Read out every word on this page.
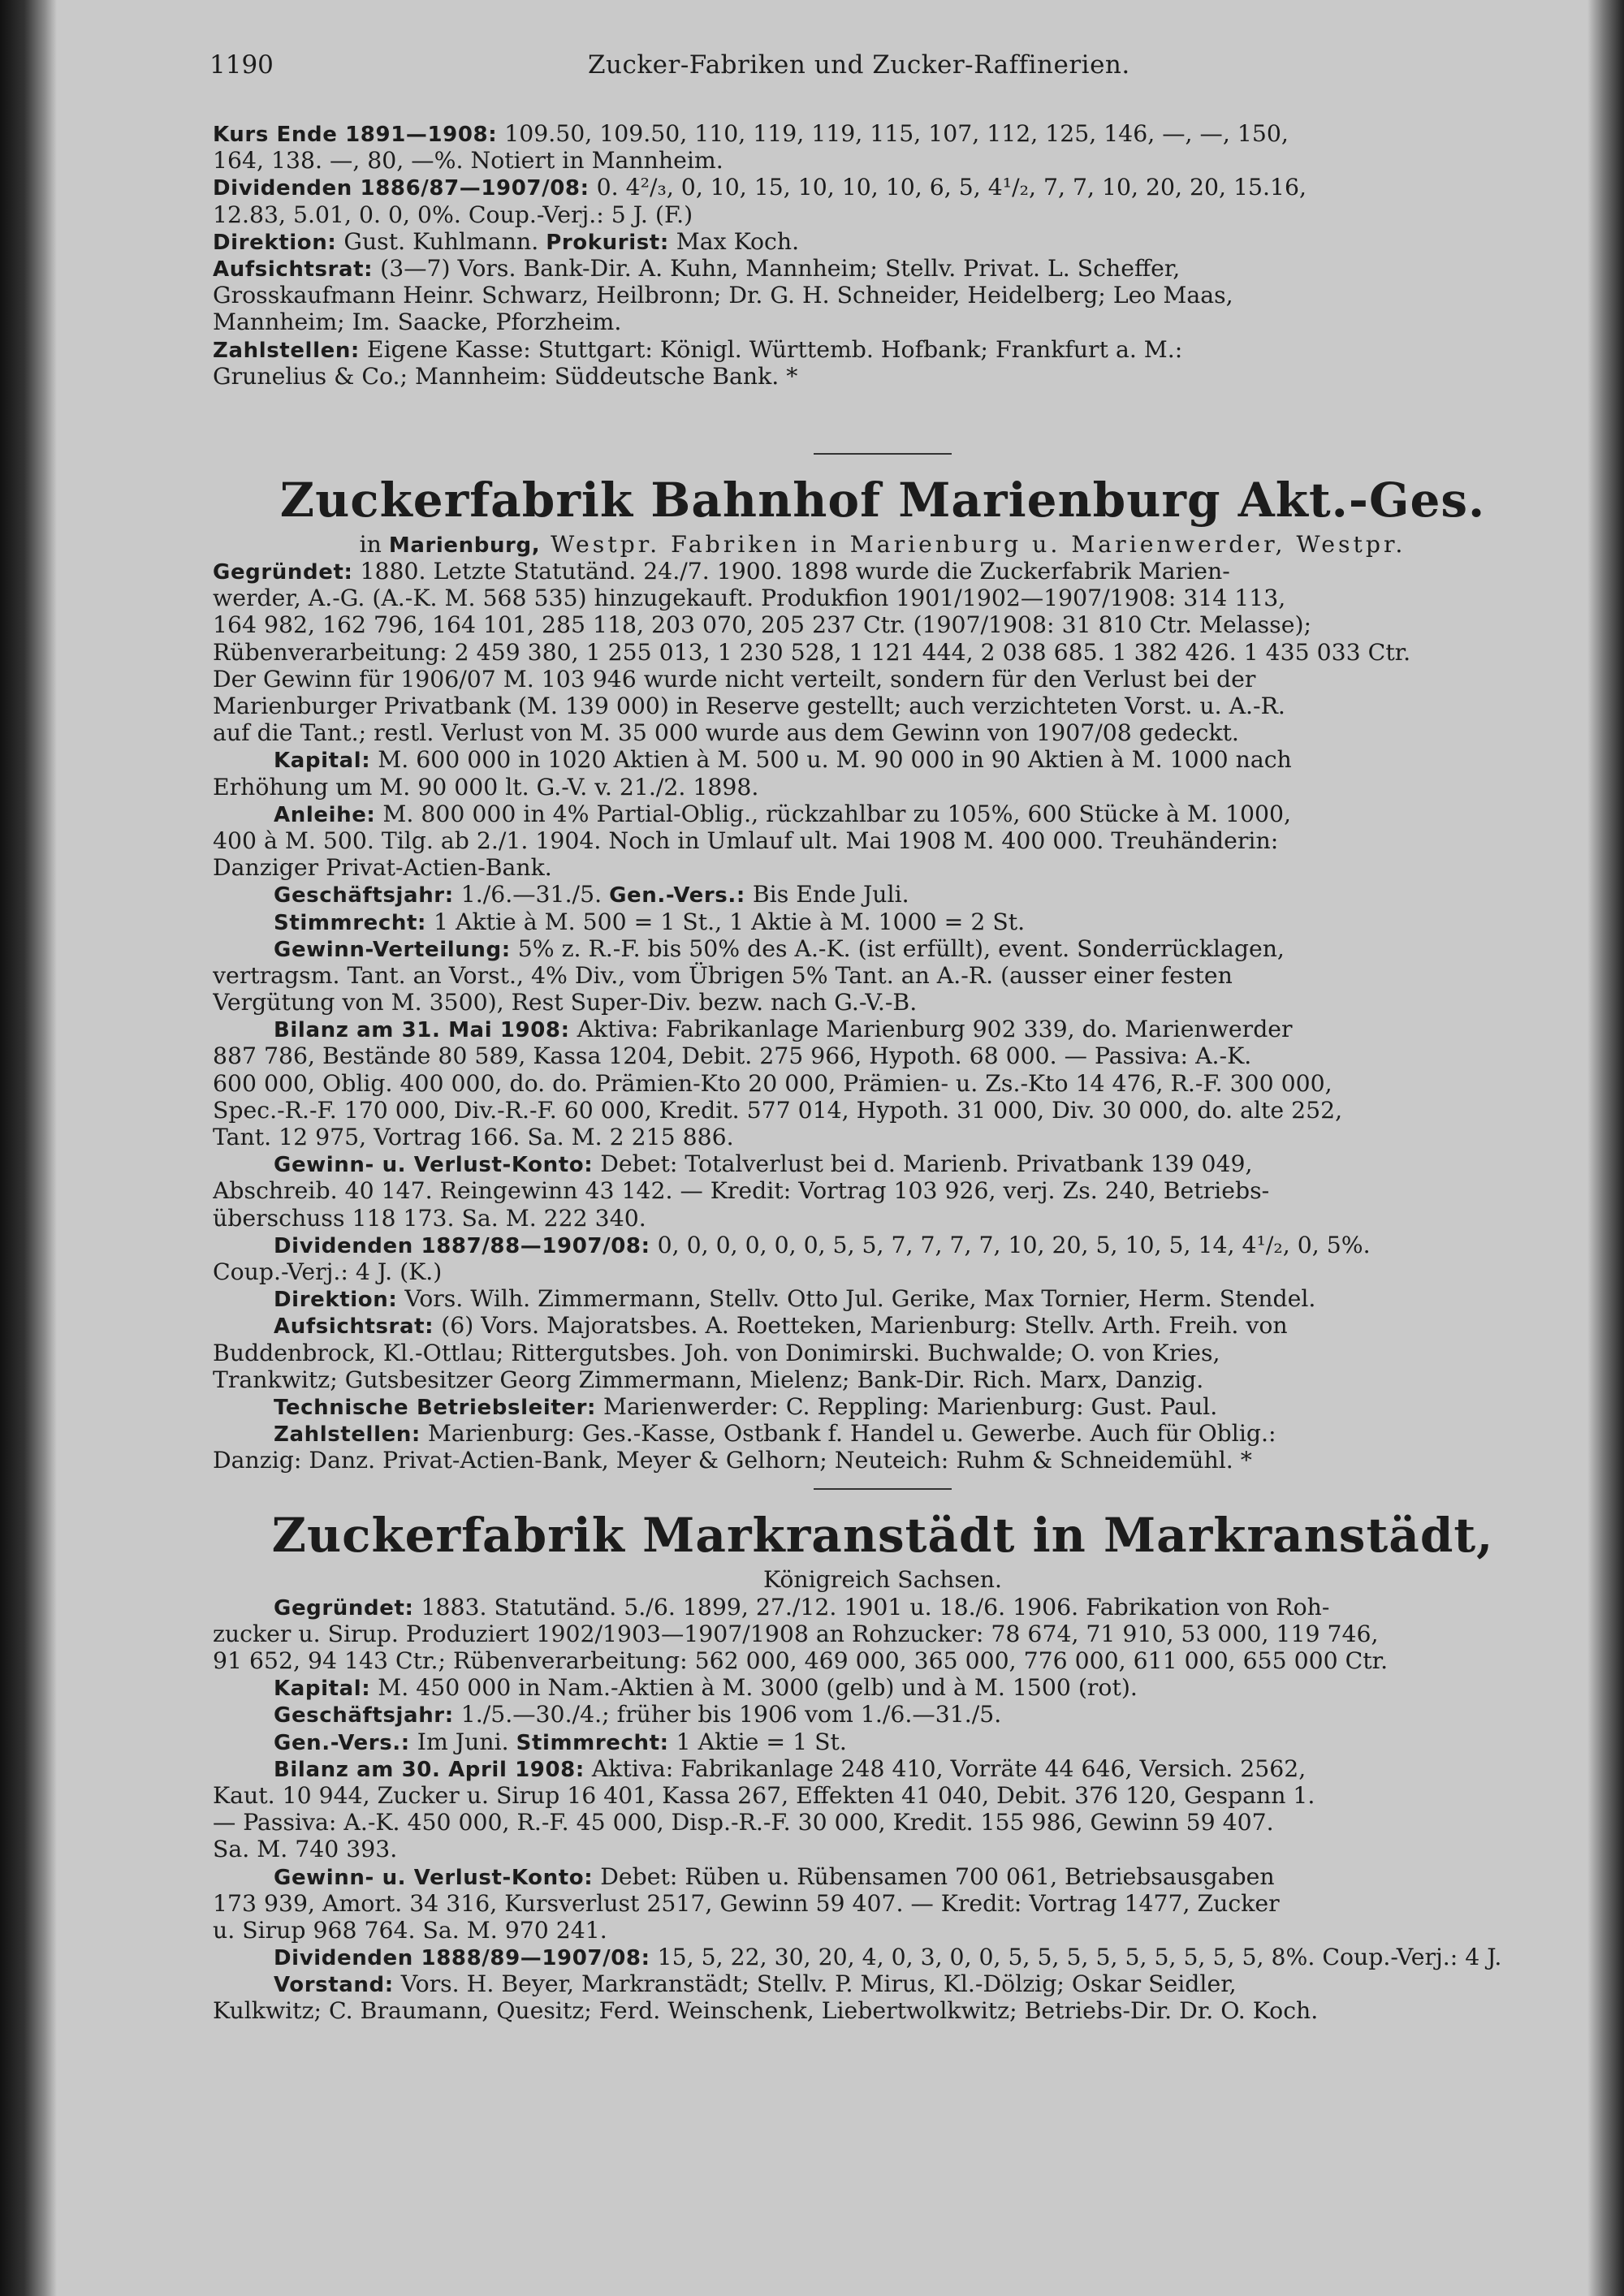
1190	Zucker-Fabriken und Zucker-Raffinerien.
Kurs Ende 1891—1908: 109.50, 109.50, 110, 119, 119, 115, 107, 112, 125, 146, —, —, 150,
164, 138. —, 80, —%. Notiert in Mannheim.
Dividenden 1886/87—1907/08: 0. 4²/₃, 0, 10, 15, 10, 10, 10, 6, 5, 4¹/₂, 7, 7, 10, 20, 20, 15.16,
12.83, 5.01, 0. 0, 0%. Coup.-Verj.: 5 J. (F.)
Direktion: Gust. Kuhlmann. Prokurist: Max Koch.
Aufsichtsrat: (3—7) Vors. Bank-Dir. A. Kuhn, Mannheim; Stellv. Privat. L. Scheffer,
Grosskaufmann Heinr. Schwarz, Heilbronn; Dr. G. H. Schneider, Heidelberg; Leo Maas,
Mannheim; Im. Saacke, Pforzheim.
Zahlstellen: Eigene Kasse: Stuttgart: Königl. Württemb. Hofbank; Frankfurt a. M.:
Grunelius & Co.; Mannheim: Süddeutsche Bank. *
Zuckerfabrik Bahnhof Marienburg Akt.-Ges.
in Marienburg, Westpr. Fabriken in Marienburg u. Marienwerder, Westpr.
Gegründet: 1880. Letzte Statutänd. 24./7. 1900. 1898 wurde die Zuckerfabrik Marien-
werder, A.-G. (A.-K. M. 568 535) hinzugekauft. Produkfion 1901/1902—1907/1908: 314 113,
164 982, 162 796, 164 101, 285 118, 203 070, 205 237 Ctr. (1907/1908: 31 810 Ctr. Melasse);
Rübenverarbeitung: 2 459 380, 1 255 013, 1 230 528, 1 121 444, 2 038 685. 1 382 426. 1 435 033 Ctr.
Der Gewinn für 1906/07 M. 103 946 wurde nicht verteilt, sondern für den Verlust bei der
Marienburger Privatbank (M. 139 000) in Reserve gestellt; auch verzichteten Vorst. u. A.-R.
auf die Tant.; restl. Verlust von M. 35 000 wurde aus dem Gewinn von 1907/08 gedeckt.
Kapital: M. 600 000 in 1020 Aktien à M. 500 u. M. 90 000 in 90 Aktien à M. 1000 nach
Erhöhung um M. 90 000 lt. G.-V. v. 21./2. 1898.
Anleihe: M. 800 000 in 4% Partial-Oblig., rückzahlbar zu 105%, 600 Stücke à M. 1000,
400 à M. 500. Tilg. ab 2./1. 1904. Noch in Umlauf ult. Mai 1908 M. 400 000. Treuhänderin:
Danziger Privat-Actien-Bank.
Geschäftsjahr: 1./6.—31./5. Gen.-Vers.: Bis Ende Juli.
Stimmrecht: 1 Aktie à M. 500 = 1 St., 1 Aktie à M. 1000 = 2 St.
Gewinn-Verteilung: 5% z. R.-F. bis 50% des A.-K. (ist erfüllt), event. Sonderrücklagen,
vertragsm. Tant. an Vorst., 4% Div., vom Übrigen 5% Tant. an A.-R. (ausser einer festen
Vergütung von M. 3500), Rest Super-Div. bezw. nach G.-V.-B.
Bilanz am 31. Mai 1908: Aktiva: Fabrikanlage Marienburg 902 339, do. Marienwerder
887 786, Bestände 80 589, Kassa 1204, Debit. 275 966, Hypoth. 68 000. — Passiva: A.-K.
600 000, Oblig. 400 000, do. do. Prämien-Kto 20 000, Prämien- u. Zs.-Kto 14 476, R.-F. 300 000,
Spec.-R.-F. 170 000, Div.-R.-F. 60 000, Kredit. 577 014, Hypoth. 31 000, Div. 30 000, do. alte 252,
Tant. 12 975, Vortrag 166. Sa. M. 2 215 886.
Gewinn- u. Verlust-Konto: Debet: Totalverlust bei d. Marienb. Privatbank 139 049,
Abschreib. 40 147. Reingewinn 43 142. — Kredit: Vortrag 103 926, verj. Zs. 240, Betriebs-
überschuss 118 173. Sa. M. 222 340.
Dividenden 1887/88—1907/08: 0, 0, 0, 0, 0, 0, 5, 5, 7, 7, 7, 7, 10, 20, 5, 10, 5, 14, 4¹/₂, 0, 5%.
Coup.-Verj.: 4 J. (K.)
Direktion: Vors. Wilh. Zimmermann, Stellv. Otto Jul. Gerike, Max Tornier, Herm. Stendel.
Aufsichtsrat: (6) Vors. Majoratsbes. A. Roetteken, Marienburg: Stellv. Arth. Freih. von
Buddenbrock, Kl.-Ottlau; Rittergutsbes. Joh. von Donimirski. Buchwalde; O. von Kries,
Trankwitz; Gutsbesitzer Georg Zimmermann, Mielenz; Bank-Dir. Rich. Marx, Danzig.
Technische Betriebsleiter: Marienwerder: C. Reppling: Marienburg: Gust. Paul.
Zahlstellen: Marienburg: Ges.-Kasse, Ostbank f. Handel u. Gewerbe. Auch für Oblig.:
Danzig: Danz. Privat-Actien-Bank, Meyer & Gelhorn; Neuteich: Ruhm & Schneidemühl. *
Zuckerfabrik Markranstädt in Markranstädt,
Königreich Sachsen.
Gegründet: 1883. Statutänd. 5./6. 1899, 27./12. 1901 u. 18./6. 1906. Fabrikation von Roh-
zucker u. Sirup. Produziert 1902/1903—1907/1908 an Rohzucker: 78 674, 71 910, 53 000, 119 746,
91 652, 94 143 Ctr.; Rübenverarbeitung: 562 000, 469 000, 365 000, 776 000, 611 000, 655 000 Ctr.
Kapital: M. 450 000 in Nam.-Aktien à M. 3000 (gelb) und à M. 1500 (rot).
Geschäftsjahr: 1./5.—30./4.; früher bis 1906 vom 1./6.—31./5.
Gen.-Vers.: Im Juni. Stimmrecht: 1 Aktie = 1 St.
Bilanz am 30. April 1908: Aktiva: Fabrikanlage 248 410, Vorräte 44 646, Versich. 2562,
Kaut. 10 944, Zucker u. Sirup 16 401, Kassa 267, Effekten 41 040, Debit. 376 120, Gespann 1.
— Passiva: A.-K. 450 000, R.-F. 45 000, Disp.-R.-F. 30 000, Kredit. 155 986, Gewinn 59 407.
Sa. M. 740 393.
Gewinn- u. Verlust-Konto: Debet: Rüben u. Rübensamen 700 061, Betriebsausgaben
173 939, Amort. 34 316, Kursverlust 2517, Gewinn 59 407. — Kredit: Vortrag 1477, Zucker
u. Sirup 968 764. Sa. M. 970 241.
Dividenden 1888/89—1907/08: 15, 5, 22, 30, 20, 4, 0, 3, 0, 0, 5, 5, 5, 5, 5, 5, 5, 5, 5, 8%. Coup.-Verj.: 4 J.
Vorstand: Vors. H. Beyer, Markranstädt; Stellv. P. Mirus, Kl.-Dölzig; Oskar Seidler,
Kulkwitz; C. Braumann, Quesitz; Ferd. Weinschenk, Liebertwolkwitz; Betriebs-Dir. Dr. O. Koch.
